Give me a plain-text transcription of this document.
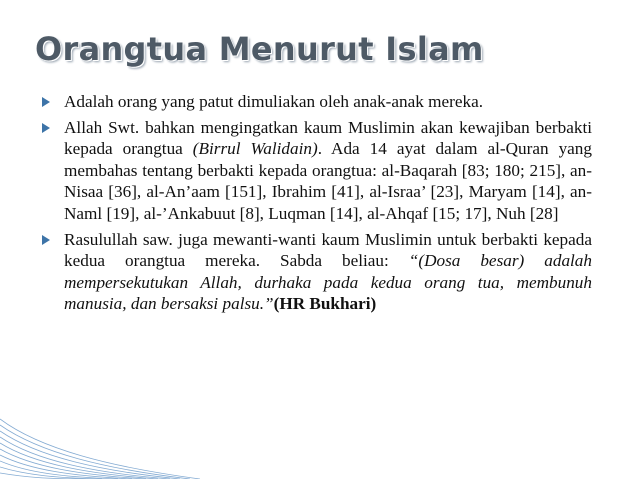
Orangtua Menurut Islam
Adalah orang yang patut dimuliakan oleh anak-anak mereka.
Allah Swt. bahkan mengingatkan kaum Muslimin akan kewajiban berbakti kepada orangtua (Birrul Walidain). Ada 14 ayat dalam al-Quran yang membahas tentang berbakti kepada orangtua: al-Baqarah [83; 180; 215], an-Nisaa [36], al-An’aam [151], Ibrahim [41], al-Israa’ [23], Maryam [14], an-Naml [19], al-’Ankabuut [8], Luqman [14], al-Ahqaf [15; 17], Nuh [28]
Rasulullah saw. juga mewanti-wanti kaum Muslimin untuk berbakti kepada kedua orangtua mereka. Sabda beliau: “(Dosa besar) adalah mempersekutukan Allah, durhaka pada kedua orang tua, membunuh manusia, dan bersaksi palsu.”(HR Bukhari)
